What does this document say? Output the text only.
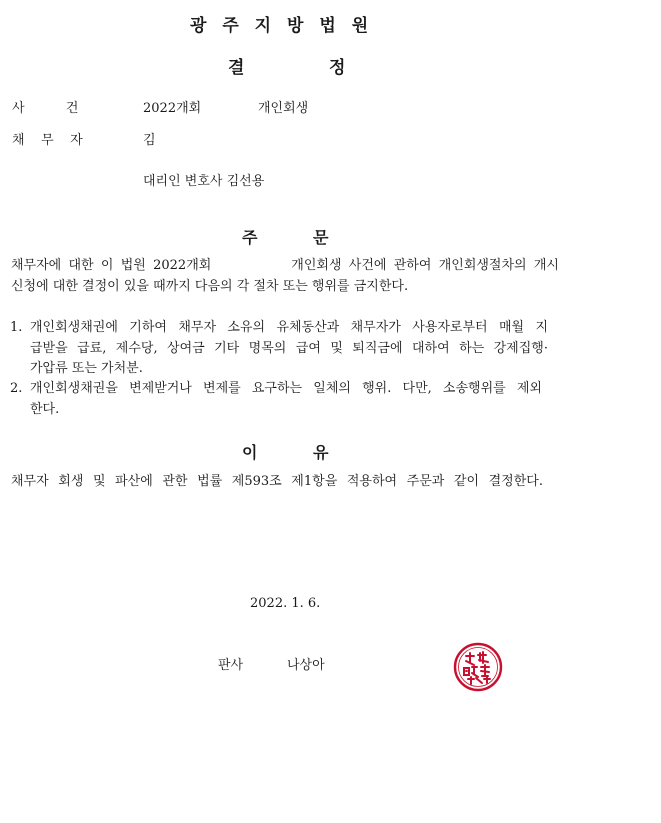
광 주 지 방 법 원
결	정
사          건	2022개회	개인회생
채    무    자	김
대리인 변호사 김선용
주	문
채무자에 대한 이 법원 2022개회           개인회생 사건에 관하여 개인회생절차의 개시
신청에 대한 결정이 있을 때까지 다음의 각 절차 또는 행위를 금지한다.
1. 개인회생채권에 기하여 채무자 소유의 유체동산과 채무자가 사용자로부터 매월 지
급받을 급료, 제수당, 상여금 기타 명목의 급여 및 퇴직금에 대하여 하는 강제집행·
가압류 또는 가처분.
2. 개인회생채권을 변제받거나 변제를 요구하는 일체의 행위. 다만, 소송행위를 제외
한다.
이	유
채무자 회생 및 파산에 관한 법률 제593조 제1항을 적용하여 주문과 같이 결정한다.
2022. 1. 6.
판사	나상아
